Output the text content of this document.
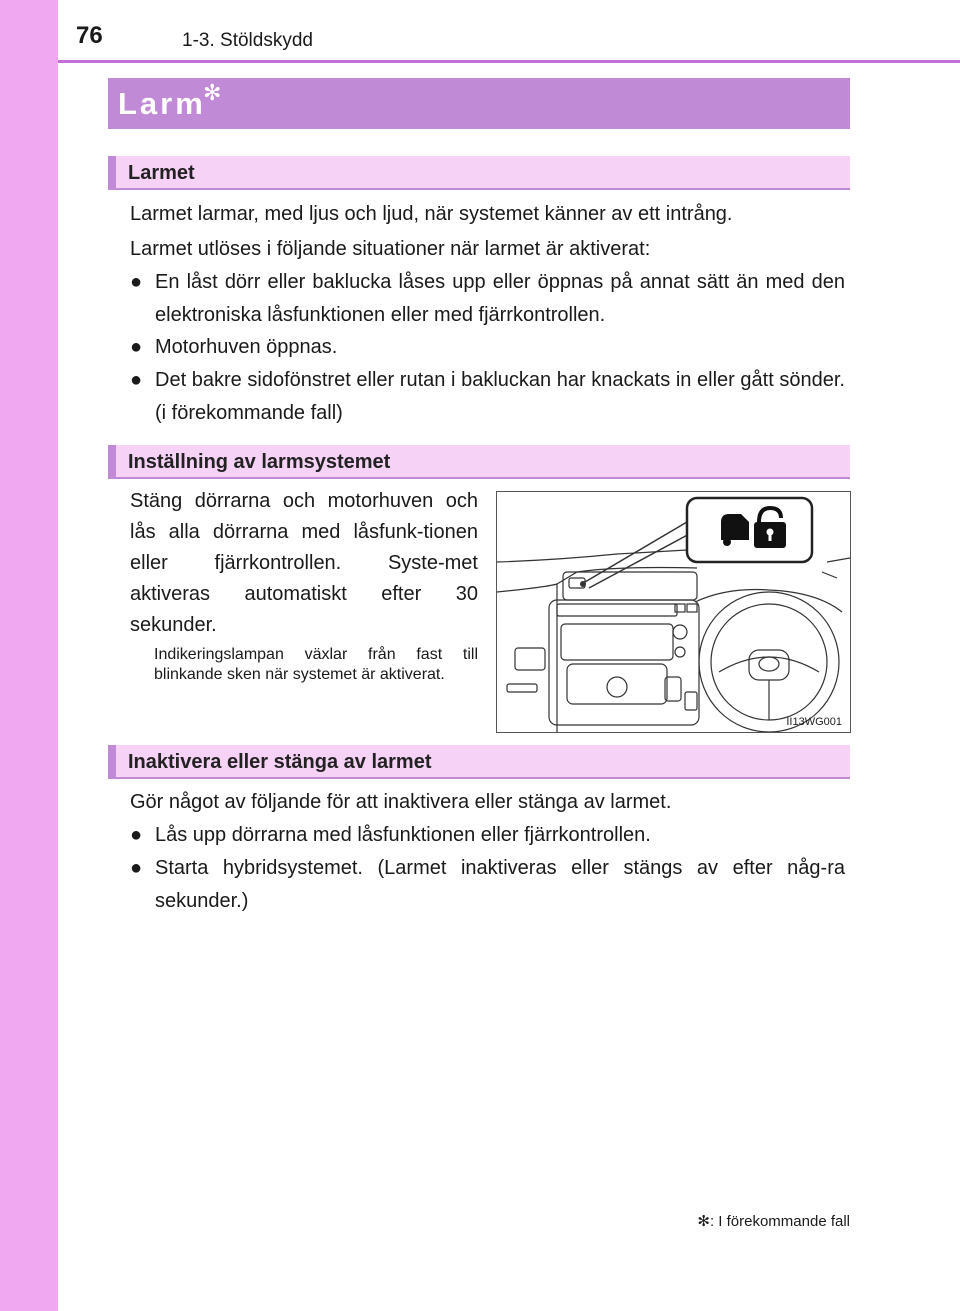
76	1-3. Stöldskydd
Larm
✻
Larmet
Larmet larmar, med ljus och ljud, när systemet känner av ett intrång.
Larmet utlöses i följande situationer när larmet är aktiverat:
● En låst dörr eller baklucka låses upp eller öppnas på annat sätt än med den elektroniska låsfunktionen eller med fjärrkontrollen.
● Motorhuven öppnas.
● Det bakre sidofönstret eller rutan i bakluckan har knackats in eller gått sönder. (i förekommande fall)
Inställning av larmsystemet
Stäng dörrarna och motorhuven och lås alla dörrarna med låsfunk-tionen eller fjärrkontrollen. Syste-met aktiveras automatiskt efter 30 sekunder.
Indikeringslampan växlar från fast till blinkande sken när systemet är aktiverat.
II13WG001
Inaktivera eller stänga av larmet
Gör något av följande för att inaktivera eller stänga av larmet.
● Lås upp dörrarna med låsfunktionen eller fjärrkontrollen.
● Starta hybridsystemet. (Larmet inaktiveras eller stängs av efter någ-ra sekunder.)
✻: I förekommande fall
